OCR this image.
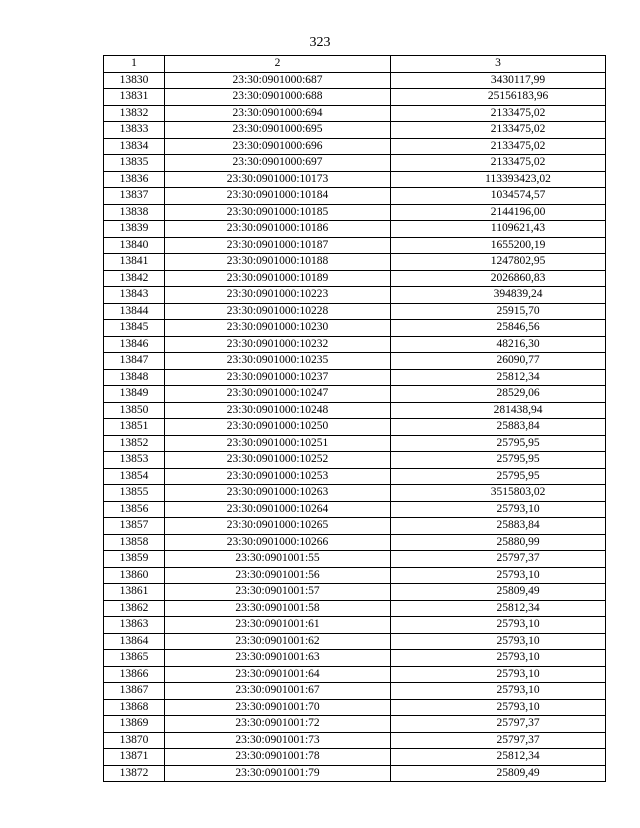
323
1	2	3
13830	23:30:0901000:687	3430117,99
13831	23:30:0901000:688	25156183,96
13832	23:30:0901000:694	2133475,02
13833	23:30:0901000:695	2133475,02
13834	23:30:0901000:696	2133475,02
13835	23:30:0901000:697	2133475,02
13836	23:30:0901000:10173	113393423,02
13837	23:30:0901000:10184	1034574,57
13838	23:30:0901000:10185	2144196,00
13839	23:30:0901000:10186	1109621,43
13840	23:30:0901000:10187	1655200,19
13841	23:30:0901000:10188	1247802,95
13842	23:30:0901000:10189	2026860,83
13843	23:30:0901000:10223	394839,24
13844	23:30:0901000:10228	25915,70
13845	23:30:0901000:10230	25846,56
13846	23:30:0901000:10232	48216,30
13847	23:30:0901000:10235	26090,77
13848	23:30:0901000:10237	25812,34
13849	23:30:0901000:10247	28529,06
13850	23:30:0901000:10248	281438,94
13851	23:30:0901000:10250	25883,84
13852	23:30:0901000:10251	25795,95
13853	23:30:0901000:10252	25795,95
13854	23:30:0901000:10253	25795,95
13855	23:30:0901000:10263	3515803,02
13856	23:30:0901000:10264	25793,10
13857	23:30:0901000:10265	25883,84
13858	23:30:0901000:10266	25880,99
13859	23:30:0901001:55	25797,37
13860	23:30:0901001:56	25793,10
13861	23:30:0901001:57	25809,49
13862	23:30:0901001:58	25812,34
13863	23:30:0901001:61	25793,10
13864	23:30:0901001:62	25793,10
13865	23:30:0901001:63	25793,10
13866	23:30:0901001:64	25793,10
13867	23:30:0901001:67	25793,10
13868	23:30:0901001:70	25793,10
13869	23:30:0901001:72	25797,37
13870	23:30:0901001:73	25797,37
13871	23:30:0901001:78	25812,34
13872	23:30:0901001:79	25809,49
